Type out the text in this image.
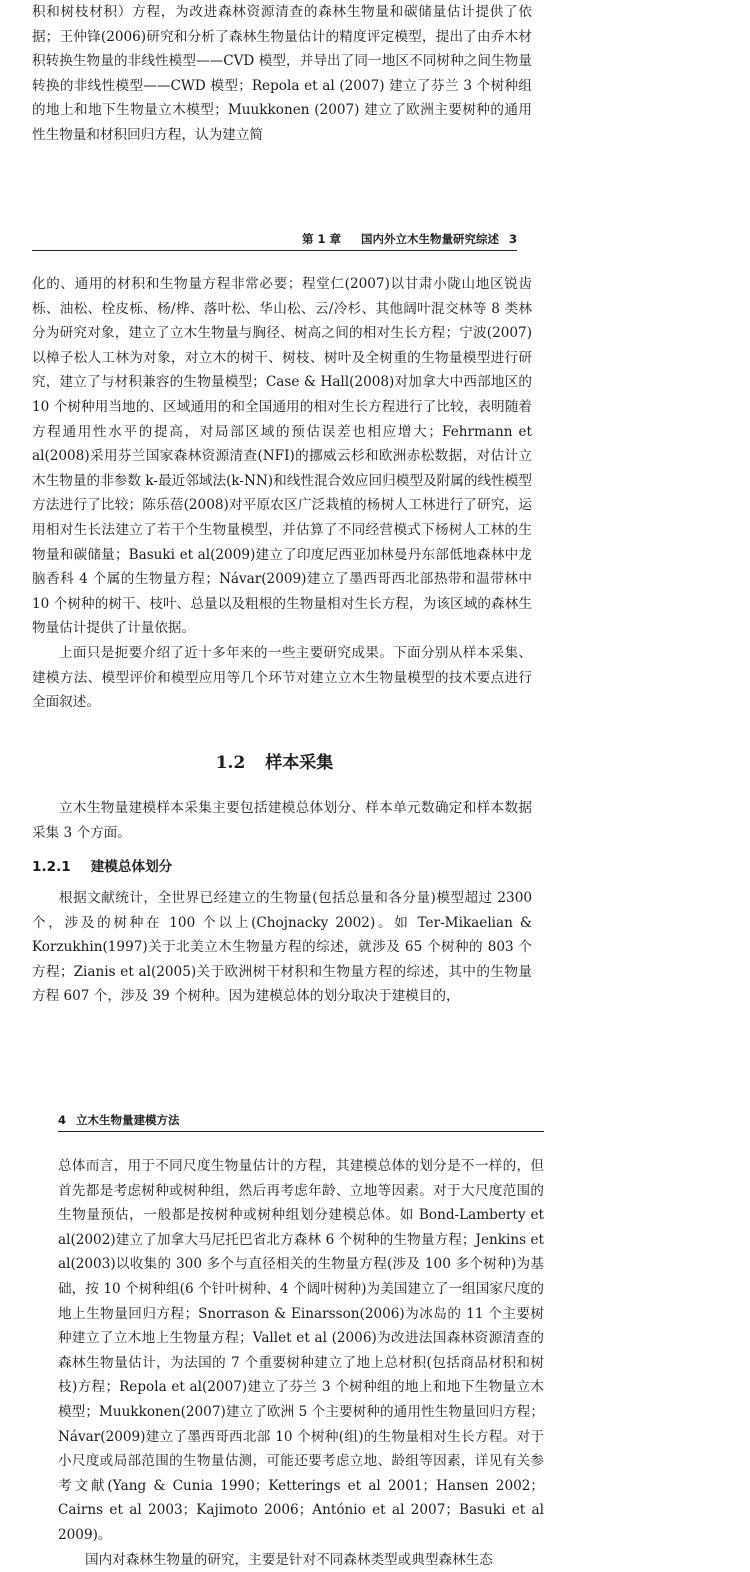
积和树枝材积）方程，为改进森林资源清查的森林生物量和碳储量估计提供了依据；王仲锋(2006)研究和分析了森林生物量估计的精度评定模型，提出了由乔木材积转换生物量的非线性模型——CVD 模型，并导出了同一地区不同树种之间生物量转换的非线性模型——CWD 模型；Repola et al (2007) 建立了芬兰 3 个树种组的地上和地下生物量立木模型；Muukkonen (2007) 建立了欧洲主要树种的通用性生物量和材积回归方程，认为建立简

第 1 章 国内外立木生物量研究综述 3

化的、通用的材积和生物量方程非常必要；程堂仁(2007)以甘肃小陇山地区锐齿栎、油松、栓皮栎、杨/桦、落叶松、华山松、云/冷杉、其他阔叶混交林等 8 类林分为研究对象，建立了立木生物量与胸径、树高之间的相对生长方程；宁波(2007)以樟子松人工林为对象，对立木的树干、树枝、树叶及全树重的生物量模型进行研究，建立了与材积兼容的生物量模型；Case & Hall(2008)对加拿大中西部地区的 10 个树种用当地的、区域通用的和全国通用的相对生长方程进行了比较，表明随着方程通用性水平的提高，对局部区域的预估误差也相应增大；Fehrmann et al(2008)采用芬兰国家森林资源清查(NFI)的挪威云杉和欧洲赤松数据，对估计立木生物量的非参数 k-最近邻域法(k-NN)和线性混合效应回归模型及附属的线性模型方法进行了比较；陈乐蓓(2008)对平原农区广泛栽植的杨树人工林进行了研究，运用相对生长法建立了若干个生物量模型，并估算了不同经营模式下杨树人工林的生物量和碳储量；Basuki et al(2009)建立了印度尼西亚加林曼丹东部低地森林中龙脑香科 4 个属的生物量方程；Návar(2009)建立了墨西哥西北部热带和温带林中 10 个树种的树干、枝叶、总量以及粗根的生物量相对生长方程，为该区域的森林生物量估计提供了计量依据。

上面只是扼要介绍了近十多年来的一些主要研究成果。下面分别从样本采集、建模方法、模型评价和模型应用等几个环节对建立立木生物量模型的技术要点进行全面叙述。

1.2 样本采集

立木生物量建模样本采集主要包括建模总体划分、样本单元数确定和样本数据采集 3 个方面。

1.2.1 建模总体划分

根据文献统计，全世界已经建立的生物量(包括总量和各分量)模型超过 2300 个，涉及的树种在 100 个以上(Chojnacky 2002)。如 Ter-Mikaelian & Korzukhin(1997)关于北美立木生物量方程的综述，就涉及 65 个树种的 803 个方程；Zianis et al(2005)关于欧洲树干材积和生物量方程的综述，其中的生物量方程 607 个，涉及 39 个树种。因为建模总体的划分取决于建模目的，

4 立木生物量建模方法

总体而言，用于不同尺度生物量估计的方程，其建模总体的划分是不一样的，但首先都是考虑树种或树种组，然后再考虑年龄、立地等因素。对于大尺度范围的生物量预估，一般都是按树种或树种组划分建模总体。如 Bond-Lamberty et al(2002)建立了加拿大马尼托巴省北方森林 6 个树种的生物量方程；Jenkins et al(2003)以收集的 300 多个与直径相关的生物量方程(涉及 100 多个树种)为基础，按 10 个树种组(6 个针叶树种、4 个阔叶树种)为美国建立了一组国家尺度的地上生物量回归方程；Snorrason & Einarsson(2006)为冰岛的 11 个主要树种建立了立木地上生物量方程；Vallet et al (2006)为改进法国森林资源清查的森林生物量估计，为法国的 7 个重要树种建立了地上总材积(包括商品材积和树枝)方程；Repola et al(2007)建立了芬兰 3 个树种组的地上和地下生物量立木模型；Muukkonen(2007)建立了欧洲 5 个主要树种的通用性生物量回归方程；Návar(2009)建立了墨西哥西北部 10 个树种(组)的生物量相对生长方程。对于小尺度或局部范围的生物量估测，可能还要考虑立地、龄组等因素，详见有关参考文献(Yang & Cunia 1990；Ketterings et al 2001；Hansen 2002；Cairns et al 2003；Kajimoto 2006；António et al 2007；Basuki et al 2009)。

国内对森林生物量的研究，主要是针对不同森林类型或典型森林生态
